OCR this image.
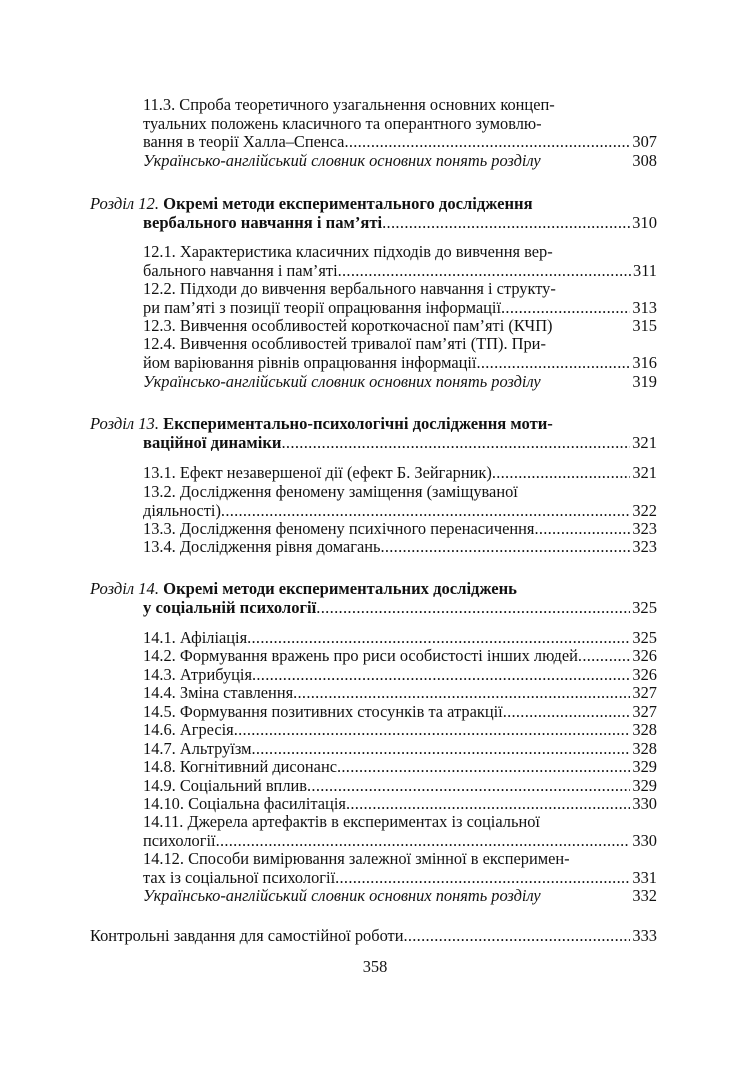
11.3. Спроба теоретичного узагальнення основних концеп-
туальних положень класичного та оперантного зумовлю-
вання в теорії Халла–Спенса .....	307
Українсько-англійський словник основних понять розділу	308
Розділ 12. Окремі методи експериментального дослідження
вербального навчання і пам’яті .....	310
12.1. Характеристика класичних підходів до вивчення вер-
бального навчання і пам’яті .....	311
12.2. Підходи до вивчення вербального навчання і структу-
ри пам’яті з позиції теорії опрацювання інформації .....	313
12.3. Вивчення особливостей короткочасної пам’яті (КЧП)	315
12.4. Вивчення особливостей тривалої пам’яті (ТП). При-
йом варіювання рівнів опрацювання інформації .....	316
Українсько-англійський словник основних понять розділу	319
Розділ 13. Експериментально-психологічні дослідження моти-
ваційної динаміки .....	321
13.1. Ефект незавершеної дії (ефект Б. Зейгарник) .....	321
13.2. Дослідження феномену заміщення (заміщуваної
діяльності) .....	322
13.3. Дослідження феномену психічного перенасичення .....	323
13.4. Дослідження рівня домагань .....	323
Розділ 14. Окремі методи експериментальних досліджень
у соціальній психології .....	325
14.1. Афіліація .....	325
14.2. Формування вражень про риси особистості інших людей .....	326
14.3. Атрибуція .....	326
14.4. Зміна ставлення .....	327
14.5. Формування позитивних стосунків та атракції .....	327
14.6. Агресія .....	328
14.7. Альтруїзм .....	328
14.8. Когнітивний дисонанс .....	329
14.9. Соціальний вплив .....	329
14.10. Соціальна фасилітація .....	330
14.11. Джерела артефактів в експериментах із соціальної
психології .....	330
14.12. Способи вимірювання залежної змінної в експеримен-
тах із соціальної психології .....	331
Українсько-англійський словник основних понять розділу	332
Контрольні завдання для самостійної роботи .....	333
358
